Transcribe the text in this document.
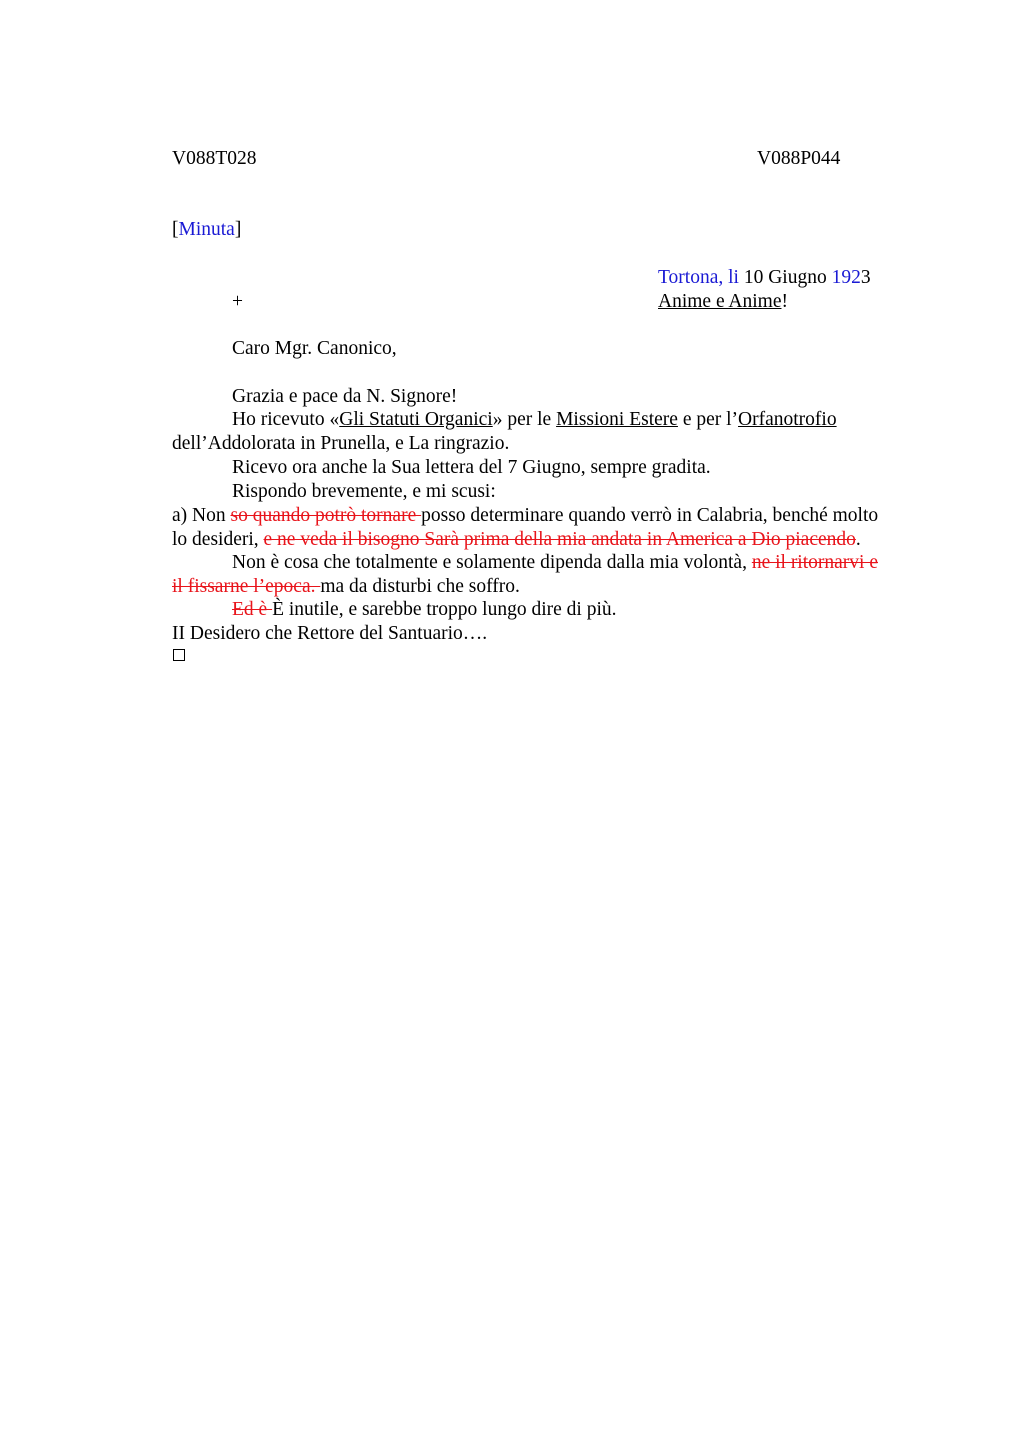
V088T028	V088P044
[Minuta]
Tortona, li 10 Giugno 1923
+	Anime e Anime!
Caro Mgr. Canonico,
Grazia e pace da N. Signore!
Ho ricevuto «Gli Statuti Organici» per le Missioni Estere e per l’Orfanotrofio
dell’Addolorata in Prunella, e La ringrazio.
Ricevo ora anche la Sua lettera del 7 Giugno, sempre gradita.
Rispondo brevemente, e mi scusi:
a) Non so quando potrò tornare posso determinare quando verrò in Calabria, benché molto
lo desideri, e ne veda il bisogno Sarà prima della mia andata in America a Dio piacendo.
Non è cosa che totalmente e solamente dipenda dalla mia volontà, ne il ritornarvi e
il fissarne l’epoca. ma da disturbi che soffro.
Ed è È inutile, e sarebbe troppo lungo dire di più.
II Desidero che Rettore del Santuario….
